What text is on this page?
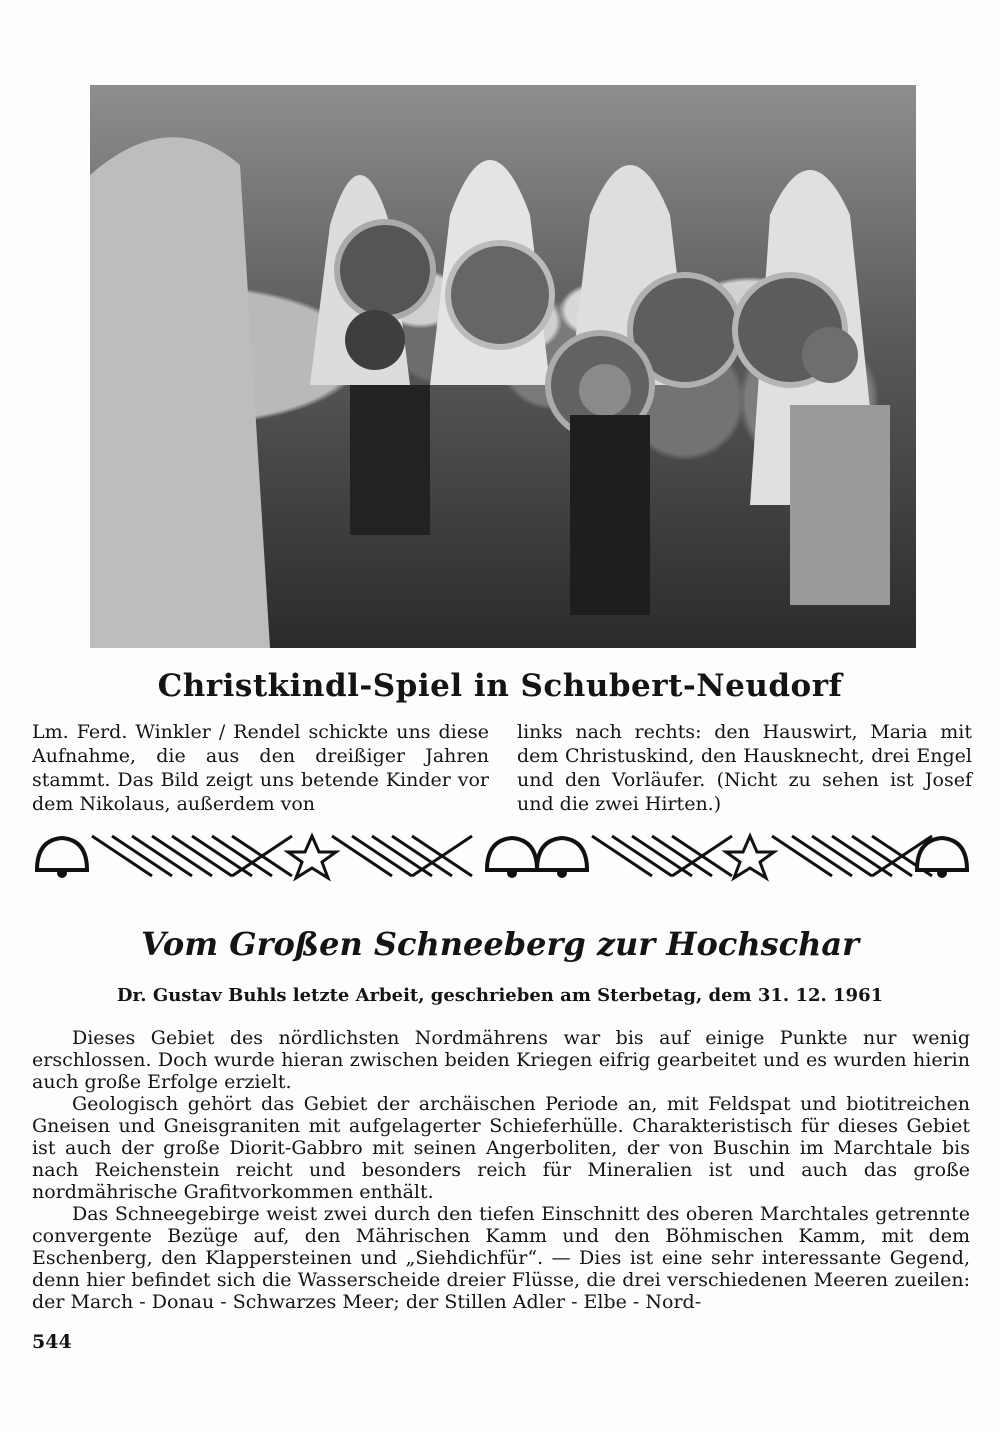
Christkindl-Spiel in Schubert-Neudorf
Lm. Ferd. Winkler / Rendel schickte uns diese Aufnahme, die aus den dreißiger Jahren stammt. Das Bild zeigt uns betende Kinder vor dem Nikolaus, außerdem von
links nach rechts: den Hauswirt, Maria mit dem Christuskind, den Hausknecht, drei Engel und den Vorläufer. (Nicht zu sehen ist Josef und die zwei Hirten.)
Vom Großen Schneeberg zur Hochschar
Dr. Gustav Buhls letzte Arbeit, geschrieben am Sterbetag, dem 31. 12. 1961

Dieses Gebiet des nördlichsten Nordmährens war bis auf einige Punkte nur wenig erschlossen. Doch wurde hieran zwischen beiden Kriegen eifrig gearbeitet und es wurden hierin auch große Erfolge erzielt.

Geologisch gehört das Gebiet der archäischen Periode an, mit Feldspat und biotitreichen Gneisen und Gneisgraniten mit aufgelagerter Schieferhülle. Charakteristisch für dieses Gebiet ist auch der große Diorit-Gabbro mit seinen Angerboliten, der von Buschin im Marchtale bis nach Reichenstein reicht und besonders reich für Mineralien ist und auch das große nordmährische Grafitvorkommen enthält.

Das Schneegebirge weist zwei durch den tiefen Einschnitt des oberen Marchtales getrennte convergente Bezüge auf, den Mährischen Kamm und den Böhmischen Kamm, mit dem Eschenberg, den Klappersteinen und „Siehdichfür“. — Dies ist eine sehr interessante Gegend, denn hier befindet sich die Wasserscheide dreier Flüsse, die drei verschiedenen Meeren zueilen: der March - Donau - Schwarzes Meer; der Stillen Adler - Elbe - Nord-

544
